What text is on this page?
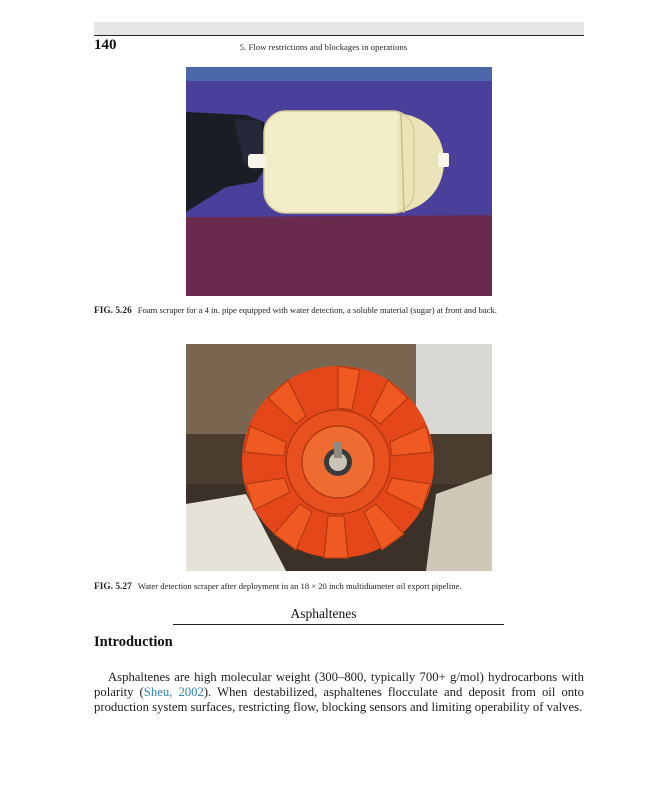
140	5. Flow restrictions and blockages in operations
FIG. 5.26 Foam scraper for a 4 in. pipe equipped with water detection, a soluble material (sugar) at front and back.
FIG. 5.27 Water detection scraper after deployment in an 18 × 20 inch multidiameter oil export pipeline.
Asphaltenes
Introduction

Asphaltenes are high molecular weight (300–800, typically 700+ g/mol) hydrocarbons with polarity (Sheu, 2002). When destabilized, asphaltenes flocculate and deposit from oil onto production system surfaces, restricting flow, blocking sensors and limiting operability of valves.
